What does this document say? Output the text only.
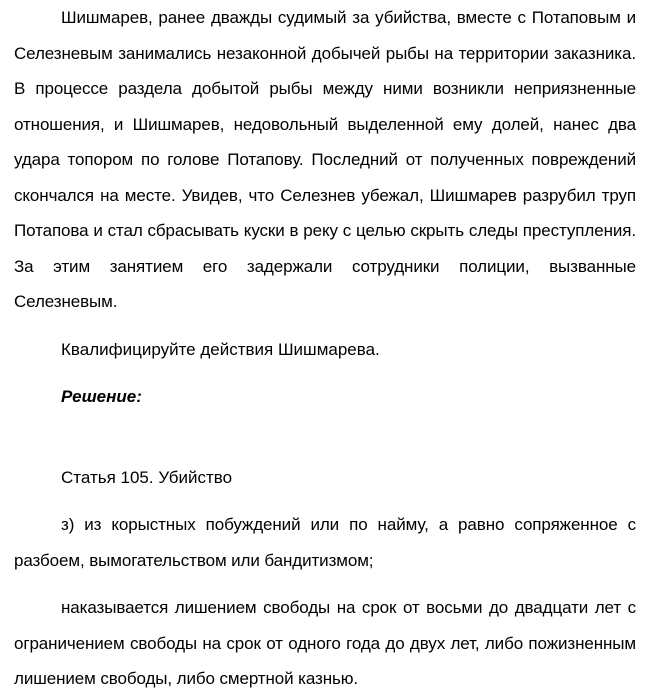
Шишмарев, ранее дважды судимый за убийства, вместе с Потаповым и Селезневым занимались незаконной добычей рыбы на территории заказника. В процессе раздела добытой рыбы между ними возникли неприязненные отношения, и Шишмарев, недовольный выделенной ему долей, нанес два удара топором по голове Потапову. Последний от полученных повреждений скончался на месте. Увидев, что Селезнев убежал, Шишмарев разрубил труп Потапова и стал сбрасывать куски в реку с целью скрыть следы преступления. За этим занятием его задержали сотрудники полиции, вызванные Селезневым.

Квалифицируйте действия Шишмарева.

Решение:

Статья 105. Убийство

з) из корыстных побуждений или по найму, а равно сопряженное с разбоем, вымогательством или бандитизмом;

наказывается лишением свободы на срок от восьми до двадцати лет с ограничением свободы на срок от одного года до двух лет, либо пожизненным лишением свободы, либо смертной казнью.
